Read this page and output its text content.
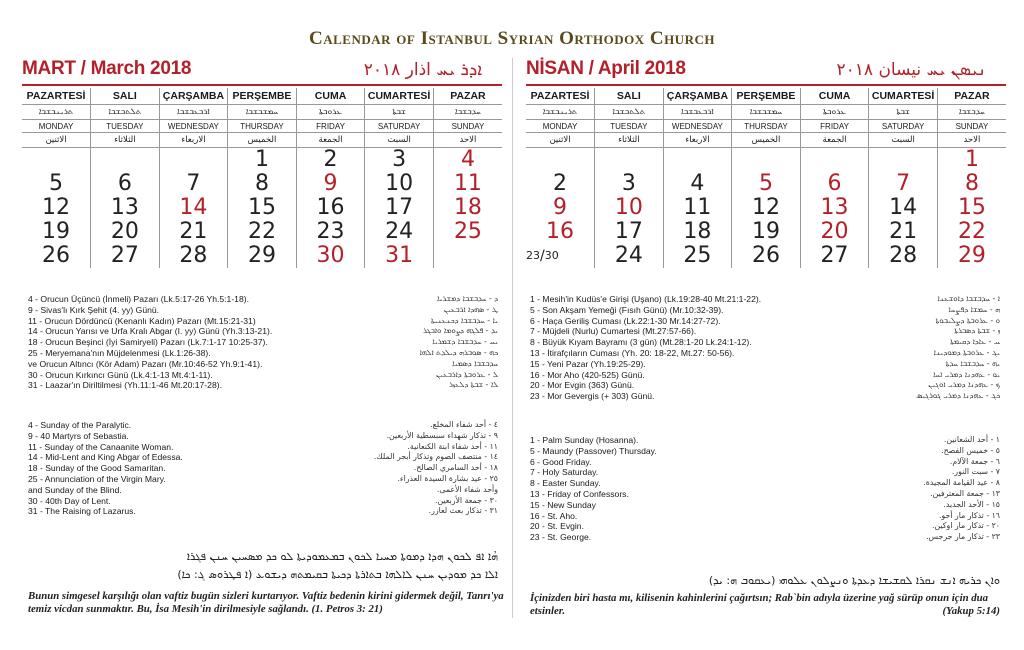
Calendar of Istanbul Syrian Orthodox Church
MART / March 2018	ܐܕܪ ܝܚ اذار ٢٠١٨
PAZARTESİ	SALI	ÇARŞAMBA	PERŞEMBE	CUMA	CUMARTESİ	PAZAR
ܬܪܝܢܒܫܒܐ	ܬܠܬܒܫܒܐ	ܐܪܒܥܒܫܒܐ	ܚܡܫܒܫܒܐ	ܥܪܘܒܬܐ	ܫܒܬܐ	ܚܕܒܫܒܐ
MONDAY	TUESDAY	WEDNESDAY	THURSDAY	FRIDAY	SATURDAY	SUNDAY
الاثنين	الثلاثاء	الاربعاء	الخميس	الجمعة	السبت	الاحد
			1	2	3	4
5	6	7	8	9	10	11
12	13	14	15	16	17	18
19	20	21	22	23	24	25
26	27	28	29	30	31	
NİSAN / April 2018	ܢܝܣܢ ܝܚ نيسان ٢٠١٨
PAZARTESİ	SALI	ÇARŞAMBA	PERŞEMBE	CUMA	CUMARTESİ	PAZAR
ܬܪܝܢܒܫܒܐ	ܬܠܬܒܫܒܐ	ܐܪܒܥܒܫܒܐ	ܚܡܫܒܫܒܐ	ܥܪܘܒܬܐ	ܫܒܬܐ	ܚܕܒܫܒܐ
MONDAY	TUESDAY	WEDNESDAY	THURSDAY	FRIDAY	SATURDAY	SUNDAY
الاثنين	الثلاثاء	الاربعاء	الخميس	الجمعة	السبت	الاحد
						1
2	3	4	5	6	7	8
9	10	11	12	13	14	15
16	17	18	19	20	21	22
$^{23}$/$^{30}$	24	25	26	27	28	29
4 - Orucun Üçüncü (İnmeli) Pazarı (Lk.5:17-26 Yh.5:1-18).	ܕ - ܚܕܒܫܒܐ ܕܡܫܪܝܐ
9 - Sivas'lı Kırk Şehit (4. yy) Günü.	ܛ - ܣܗܕܐ ܐܪܒܥܝܢ
11 - Orucun Dördüncü (Kenanlı Kadın) Pazarı (Mt.15:21-31)	ܝܐ - ܚܕܒܫܒܐ ܕܟܢܥܢܝܬܐ
14 - Orucun Yarısı ve Urfa Kralı Abgar (I. yy) Günü (Yh.3:13-21).	ܝܕ - ܦܠܓܗ ܕܨܘܡܐ ܘܐܒܓܪ
18 - Orucun Beşinci (İyi Samiryeli) Pazarı (Lk.7:1-17 10:25-37).	ܝܚ - ܚܕܒܫܒܐ ܕܫܡܪܝܐ
25 - Meryemana'nın Müjdelenmesi (Lk.1:26-38).	ܟܗ - ܣܘܒܪܗ ܕܝܠܕܬ ܐܠܗܐ
ve Orucun Altıncı (Kör Adam) Pazarı (Mr.10:46-52 Yh.9:1-41).	ܚܕܒܫܒܐ ܕܣܡܝܐ
30 - Orucun Kırkıncı Günü (Lk.4:1-13 Mt.4:1-11).	ܠ - ܥܪܘܒܬܐ ܕܐܪܒܥܝܢ
31 - Laazar'ın Diriltilmesi (Yh.11:1-46 Mt.20:17-28).	ܠܐ - ܫܒܬܐ ܕܠܥܙܪ
4 - Sunday of the Paralytic.	٤ - أحد شفاء المخلع.
9 - 40 Martyrs of Sebastia.	٩ - تذكار شهداء سبسطية الأربعين.
11 - Sunday of the Canaanite Woman.	١١ - أحد شفاء ابنة الكنعانية.
14 - Mid-Lent and King Abgar of Edessa.	١٤ - منتصف الصوم وتذكار أبجر الملك.
18 - Sunday of the Good Samaritan.	١٨ - أحد السامري الصالح.
25 - Annunciation of the Virgin Mary.	٢٥ - عيد بشارة السيدة العذراء.
and Sunday of the Blind.	وأحد شفاء الأعمى.
30 - 40th Day of Lent.	٣٠ - جمعة الأربعين.
31 - The Raising of Lazarus.	٣١ - تذكار بعث لعازر.
1 - Mesih'in Kudüs'e Girişi (Uşano) (Lk.19:28-40 Mt.21:1-22).	ܐ - ܚܕܒܫܒܐ ܕܐܘܫܥܢܐ
5 - Son Akşam Yemeği (Fısıh Günü) (Mr.10:32-39).	ܗ - ܚܡܫܐ ܕܦܨܚܐ
6 - Haça Geriliş Cuması (Lk.22:1-30 Mr.14:27-72).	ܘ - ܥܪܘܒܬܐ ܕܨܠܝܒܘܬܐ
7 - Müjdeli (Nurlu) Cumartesi (Mt.27:57-66).	ܙ - ܫܒܬܐ ܕܣܒܪܬܐ
8 - Büyük Kıyam Bayramı (3 gün) (Mt.28:1-20 Lk.24:1-12).	ܚ - ܥܐܕܐ ܕܩܝܡܬܐ
13 - İtirafçıların Cuması (Yh. 20: 18-22, Mt.27: 50-56).	ܝܓ - ܥܪܘܒܬܐ ܕܡܘܕܝܢܐ
15 - Yeni Pazar (Yh.19:25-29).	ܝܗ - ܚܕܒܫܒܐ ܚܕܬܐ
16 - Mor Aho (420-525) Günü.	ܝܘ - ܥܗܕܢܐ ܕܡܪܝ ܐܚܐ
20 - Mor Evgin (363) Günü.	ܟ - ܥܗܕܢܐ ܕܡܪܝ ܐܘܓܝܢ
23 - Mor Gevergis (+ 303) Günü.	ܟܓ - ܥܗܕܢܐ ܕܡܪܝ ܓܘܪܓܝܣ
1 - Palm Sunday (Hosanna).	١ - أحد الشعانين.
5 - Maundy (Passover) Thursday.	٥ - خميس الفصح.
6 - Good Friday.	٦ - جمعة الآلام.
7 - Holy Saturday.	٧ - سبت النور.
8 - Easter Sunday.	٨ - عيد القيامة المجيدة.
13 - Friday of Confessors.	١٣ - جمعة المعترفين.
15 - New Sunday	١٥ - الأحد الجديد.
16 - St. Aho.	١٦ - تذكار مار أحو.
20 - St. Evgin.	٢٠ - تذكار مار اوكين.
23 - St. George.	٢٣ - تذكار مار جرجس.
ܗܳܐ ܐܦ ܠܟܘܢ ܗܕܐ ܕܡܘܬܐ ܡܚܝܐ ܠܟܘܢ ܒܡܥܡܘܕܝܬܐ ܠܘ ܟܕ ܡܣܚܝܢ ܚܢܢ ܦܓܪܐ
ܐܠܐ ܟܕ ܡܘܕܝܢ ܚܢܢ ܠܐܠܗܐ ܒܬܐܪܬܐ ܕܟܝܬܐ ܒܩܝܡܬܗ ܕܝܫܘܥ (ܐ ܦܛܪܘܣ ܓ: ܟܐ)
Bunun simgesel karşılığı olan vaftiz bugün sizleri kurtarıyor. Vaftiz bedenin kirini gidermek değil, Tanrı'ya temiz vicdan sunmaktır. Bu, İsa Mesih'in dirilmesiyle sağlandı. (1. Petros 3: 21)
ܘܐܢ ܟܪܝܗ ܐܢܫ ܢܩܪܐ ܠܩܫܝܫܐ ܕܥܕܬܐ ܘܢܨܠܘܢ ܥܠܘܗܝ (ܝܥܩܘܒ ܗ: ܝܕ)
İçinizden biri hasta mı, kilisenin kahinlerini çağırtsın; Rab`bin adıyla üzerine yağ sürüp onun için dua etsinler.	(Yakup 5:14)
